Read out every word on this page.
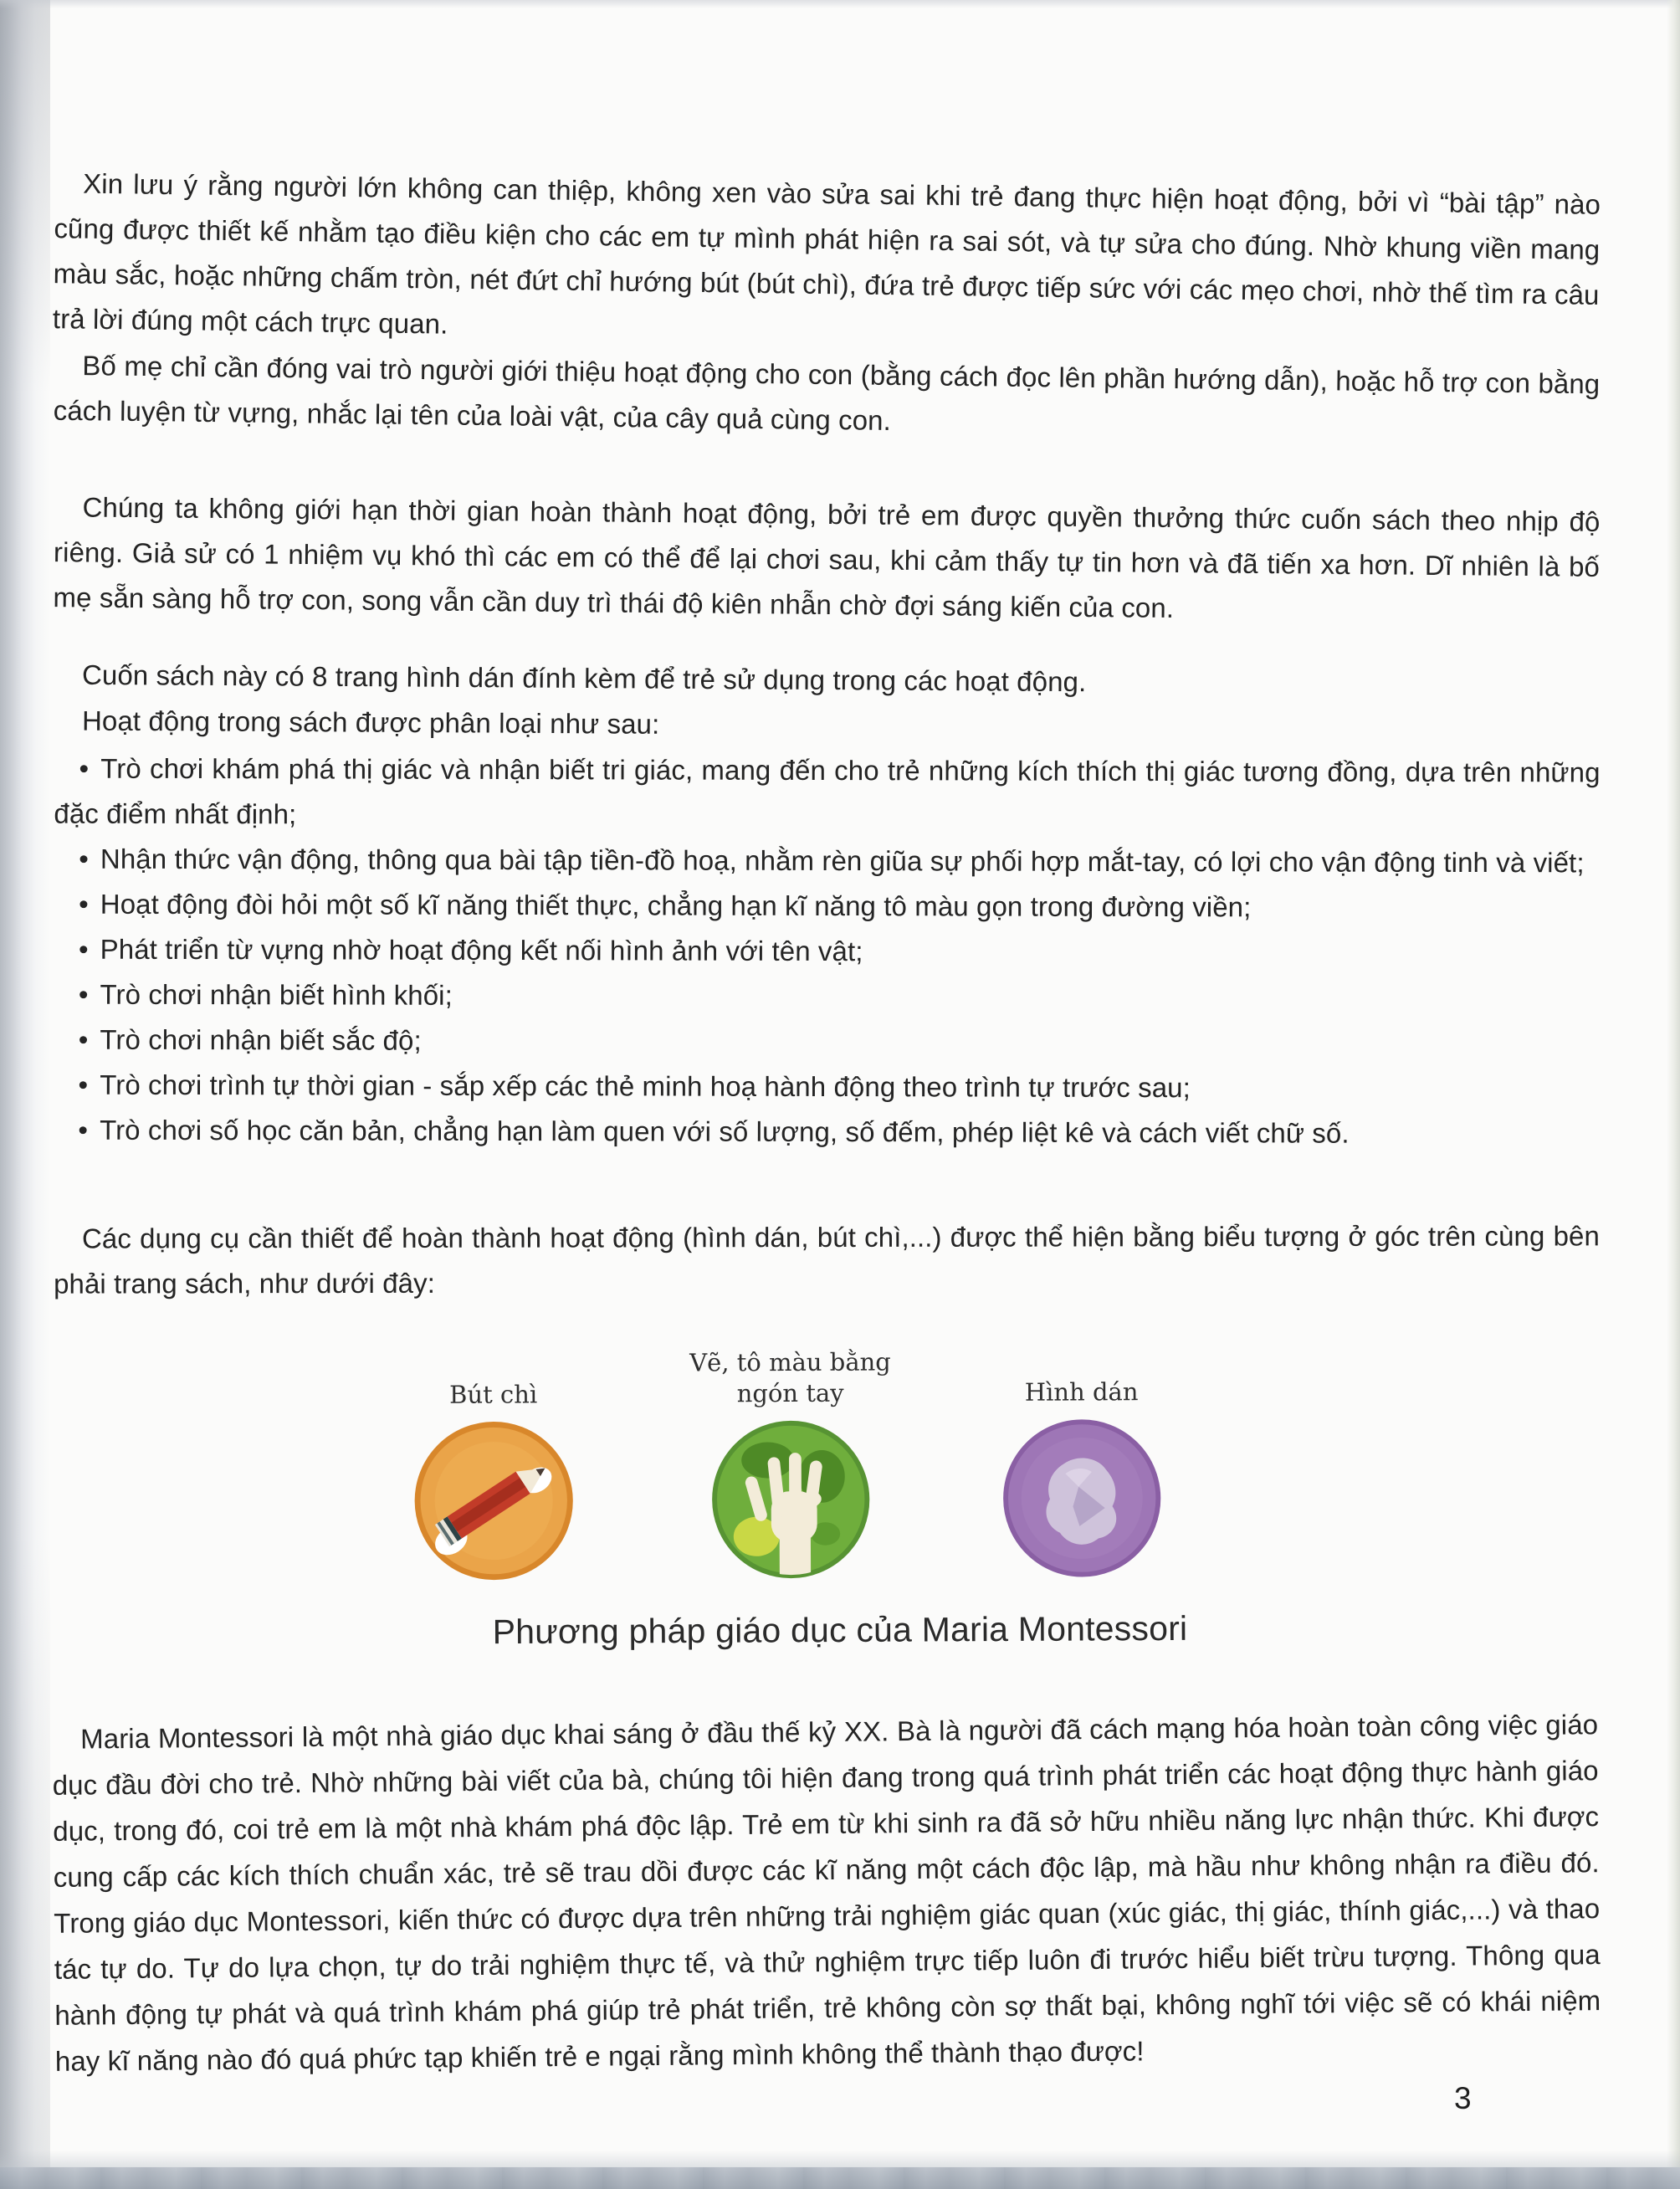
Xin lưu ý rằng người lớn không can thiệp, không xen vào sửa sai khi trẻ đang thực hiện hoạt động, bởi vì “bài tập” nào cũng được thiết kế nhằm tạo điều kiện cho các em tự mình phát hiện ra sai sót, và tự sửa cho đúng. Nhờ khung viền mang màu sắc, hoặc những chấm tròn, nét đứt chỉ hướng bút (bút chì), đứa trẻ được tiếp sức với các mẹo chơi, nhờ thế tìm ra câu trả lời đúng một cách trực quan.

Bố mẹ chỉ cần đóng vai trò người giới thiệu hoạt động cho con (bằng cách đọc lên phần hướng dẫn), hoặc hỗ trợ con bằng cách luyện từ vựng, nhắc lại tên của loài vật, của cây quả cùng con.

Chúng ta không giới hạn thời gian hoàn thành hoạt động, bởi trẻ em được quyền thưởng thức cuốn sách theo nhịp độ riêng. Giả sử có 1 nhiệm vụ khó thì các em có thể để lại chơi sau, khi cảm thấy tự tin hơn và đã tiến xa hơn. Dĩ nhiên là bố mẹ sẵn sàng hỗ trợ con, song vẫn cần duy trì thái độ kiên nhẫn chờ đợi sáng kiến của con.

Cuốn sách này có 8 trang hình dán đính kèm để trẻ sử dụng trong các hoạt động.

Hoạt động trong sách được phân loại như sau:

• Trò chơi khám phá thị giác và nhận biết tri giác, mang đến cho trẻ những kích thích thị giác tương đồng, dựa trên những đặc điểm nhất định;

• Nhận thức vận động, thông qua bài tập tiền-đồ hoạ, nhằm rèn giũa sự phối hợp mắt-tay, có lợi cho vận động tinh và viết;

• Hoạt động đòi hỏi một số kĩ năng thiết thực, chẳng hạn kĩ năng tô màu gọn trong đường viền;

• Phát triển từ vựng nhờ hoạt động kết nối hình ảnh với tên vật;

• Trò chơi nhận biết hình khối;

• Trò chơi nhận biết sắc độ;

• Trò chơi trình tự thời gian - sắp xếp các thẻ minh hoạ hành động theo trình tự trước sau;

• Trò chơi số học căn bản, chẳng hạn làm quen với số lượng, số đếm, phép liệt kê và cách viết chữ số.

Các dụng cụ cần thiết để hoàn thành hoạt động (hình dán, bút chì,...) được thể hiện bằng biểu tượng ở góc trên cùng bên phải trang sách, như dưới đây:

Bút chì
Vẽ, tô màu bằng ngón tay	Hình dán
Phương pháp giáo dục của Maria Montessori

Maria Montessori là một nhà giáo dục khai sáng ở đầu thế kỷ XX. Bà là người đã cách mạng hóa hoàn toàn công việc giáo dục đầu đời cho trẻ. Nhờ những bài viết của bà, chúng tôi hiện đang trong quá trình phát triển các hoạt động thực hành giáo dục, trong đó, coi trẻ em là một nhà khám phá độc lập. Trẻ em từ khi sinh ra đã sở hữu nhiều năng lực nhận thức. Khi được cung cấp các kích thích chuẩn xác, trẻ sẽ trau dồi được các kĩ năng một cách độc lập, mà hầu như không nhận ra điều đó. Trong giáo dục Montessori, kiến thức có được dựa trên những trải nghiệm giác quan (xúc giác, thị giác, thính giác,...) và thao tác tự do. Tự do lựa chọn, tự do trải nghiệm thực tế, và thử nghiệm trực tiếp luôn đi trước hiểu biết trừu tượng. Thông qua hành động tự phát và quá trình khám phá giúp trẻ phát triển, trẻ không còn sợ thất bại, không nghĩ tới việc sẽ có khái niệm hay kĩ năng nào đó quá phức tạp khiến trẻ e ngại rằng mình không thể thành thạo được!

3
